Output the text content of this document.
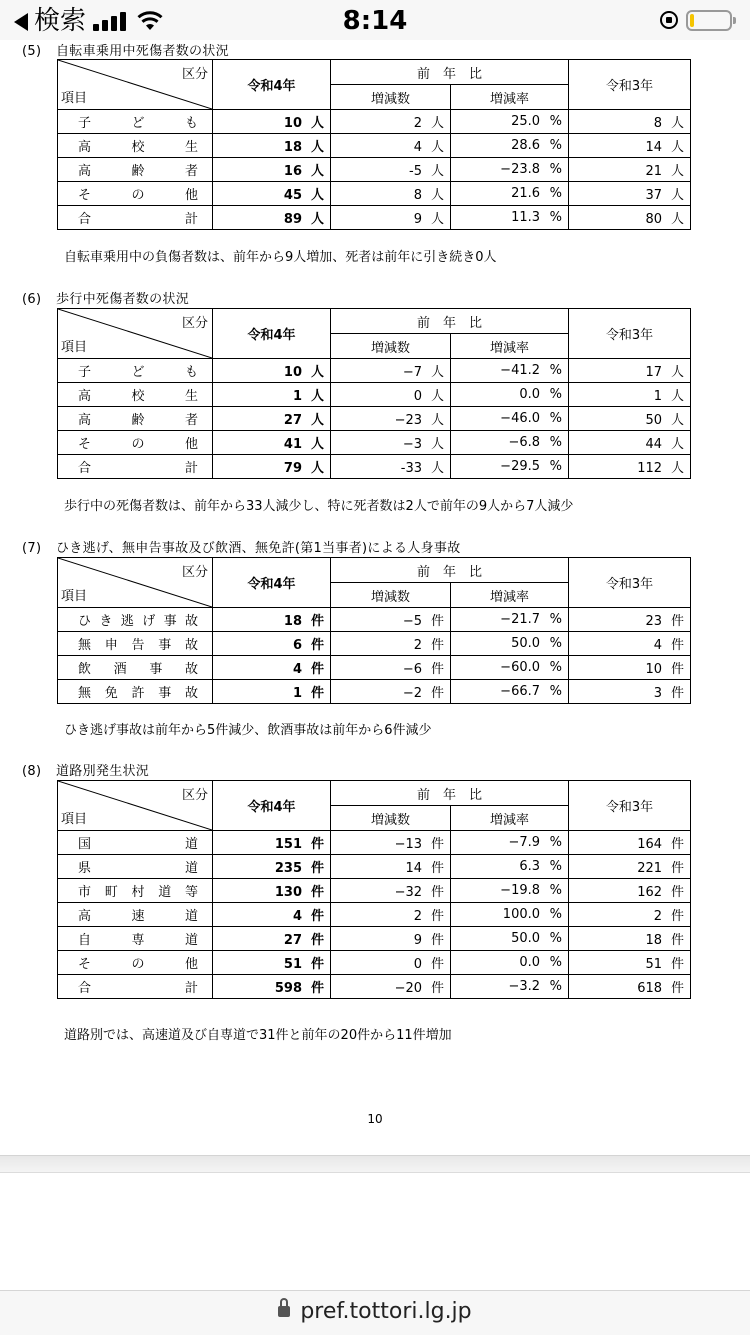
検索	8:14
(5) 自転車乗用中死傷者数の状況
区分
項目	令和4年	前　年　比		令和3年
		増減数	増減率	
子ども	10 人	2 人	25.0 %	8 人
高校生	18 人	4 人	28.6 %	14 人
高齢者	16 人	-5 人	−23.8 %	21 人
その他	45 人	8 人	21.6 %	37 人
合計	89 人	9 人	11.3 %	80 人
自転車乗用中の負傷者数は、前年から9人増加、死者は前年に引き続き0人
(6) 歩行中死傷者数の状況
区分
項目	令和4年	前　年　比		令和3年
		増減数	増減率	
子ども	10 人	−7 人	−41.2 %	17 人
高校生	1 人	0 人	0.0 %	1 人
高齢者	27 人	−23 人	−46.0 %	50 人
その他	41 人	−3 人	−6.8 %	44 人
合計	79 人	-33 人	−29.5 %	112 人
歩行中の死傷者数は、前年から33人減少し、特に死者数は2人で前年の9人から7人減少
(7) ひき逃げ、無申告事故及び飲酒、無免許(第1当事者)による人身事故
区分
項目	令和4年	前　年　比		令和3年
		増減数	増減率	
ひき逃げ事故	18 件	−5 件	−21.7 %	23 件
無申告事故	6 件	2 件	50.0 %	4 件
飲酒事故	4 件	−6 件	−60.0 %	10 件
無免許事故	1 件	−2 件	−66.7 %	3 件
ひき逃げ事故は前年から5件減少、飲酒事故は前年から6件減少
(8) 道路別発生状況
区分
項目	令和4年	前　年　比		令和3年
		増減数	増減率	
国道	151 件	−13 件	−7.9 %	164 件
県道	235 件	14 件	6.3 %	221 件
市町村道等	130 件	−32 件	−19.8 %	162 件
高速道	4 件	2 件	100.0 %	2 件
自専道	27 件	9 件	50.0 %	18 件
その他	51 件	0 件	0.0 %	51 件
合計	598 件	−20 件	−3.2 %	618 件
道路別では、高速道及び自専道で31件と前年の20件から11件増加
10
pref.tottori.lg.jp
